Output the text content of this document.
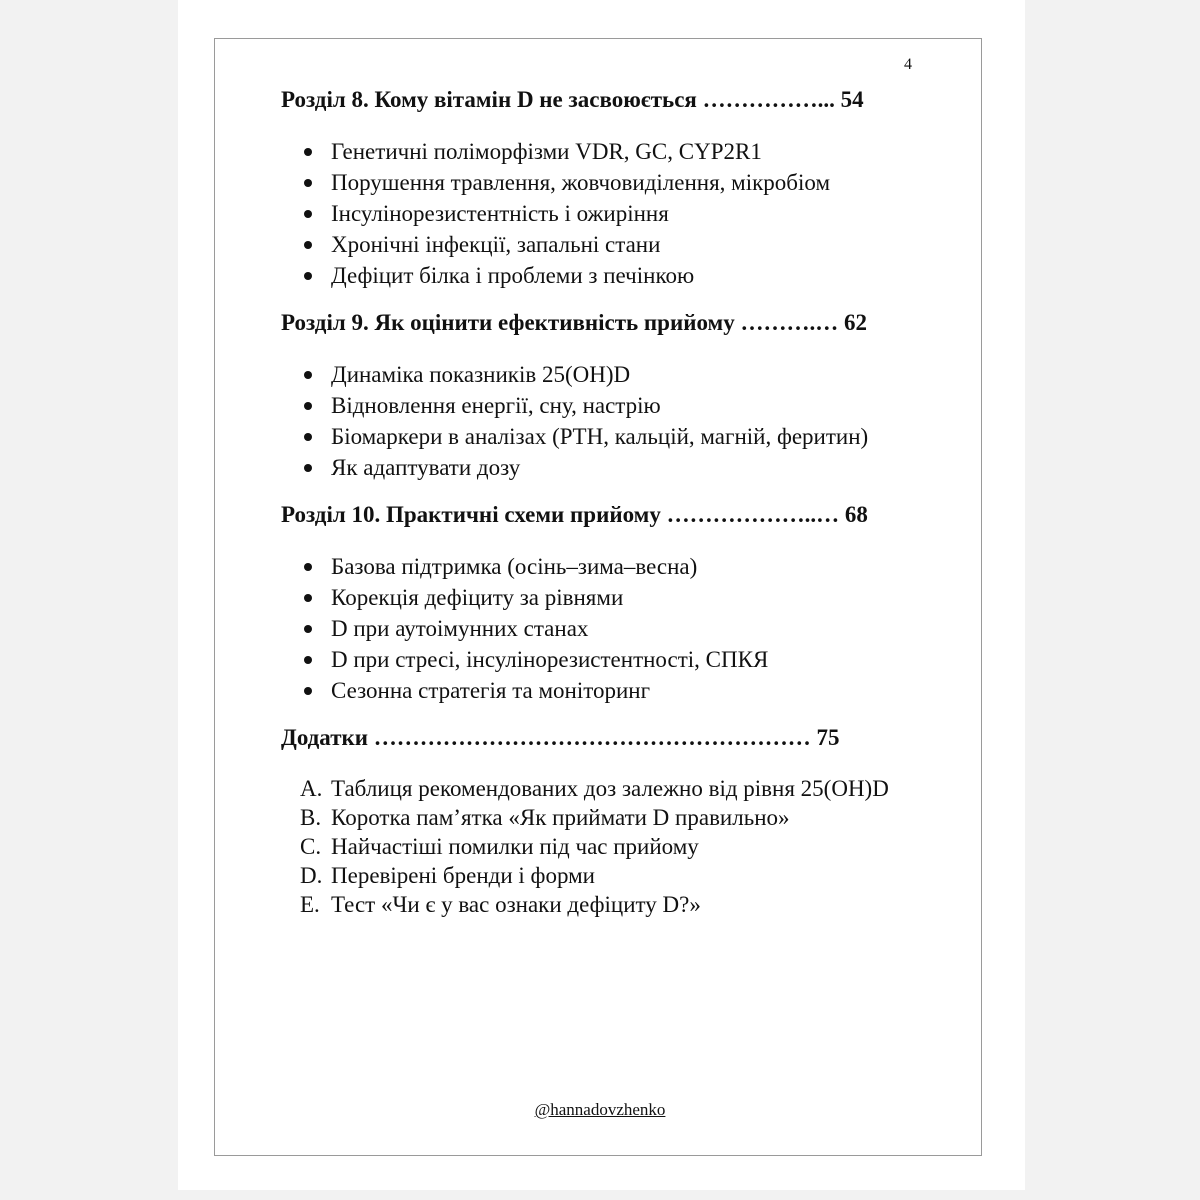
4

Розділ 8. Кому вітамін D не засвоюється ……………... 54

Генетичні поліморфізми VDR, GC, CYP2R1
Порушення травлення, жовчовиділення, мікробіом
Інсулінорезистентність і ожиріння
Хронічні інфекції, запальні стани
Дефіцит білка і проблеми з печінкою

Розділ 9. Як оцінити ефективність прийому ……….… 62

Динаміка показників 25(OH)D
Відновлення енергії, сну, настрію
Біомаркери в аналізах (PTH, кальцій, магній, феритин)
Як адаптувати дозу

Розділ 10. Практичні схеми прийому ………………..… 68

Базова підтримка (осінь–зима–весна)
Корекція дефіциту за рівнями
D при аутоімунних станах
D при стресі, інсулінорезистентності, СПКЯ
Сезонна стратегія та моніторинг

Додатки ………………………………………………… 75

A. Таблиця рекомендованих доз залежно від рівня 25(OH)D
B. Коротка пам’ятка «Як приймати D правильно»
C. Найчастіші помилки під час прийому
D. Перевірені бренди і форми
E. Тест «Чи є у вас ознаки дефіциту D?»
@hannadovzhenko
